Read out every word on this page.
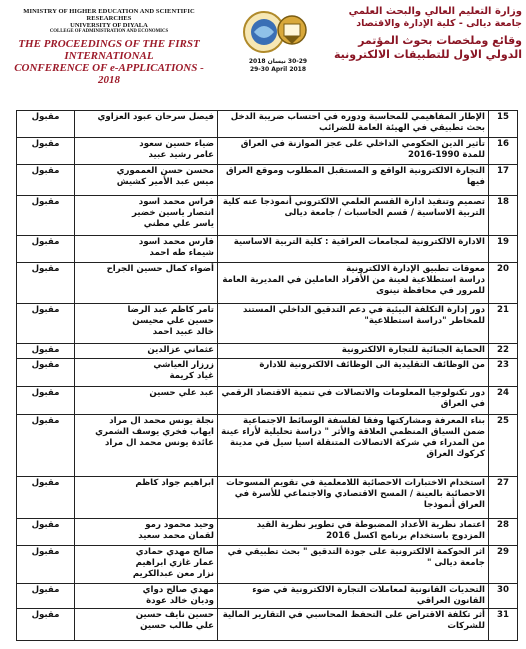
MINISTRY OF HIGHER EDUCATION AND SCIENTIFIC RESEARCHES
UNIVERSITY OF DIYALA
COLLEGE OF ADMINISTRATION AND ECONOMICS
THE PROCEEDINGS OF THE FIRST INTERNATIONAL
CONFERENCE OF e-APPLICATIONS - 2018
30-29 نيسان 2018
29-30 April 2018
وزارة التعليم العالي والبحث العلمي
جامعة ديالى - كلية الإدارة والاقتصاد
وقائع وملخصات بحوث المؤتمر
الدولي الاول للتطبيقات الالكترونية
15	الإطار المفاهيمي للمحاسبة ودوره في احتساب ضريبة الدخل بحث تطبيقي في الهيئة العامة للضرائب	فيصل سرحان عبود العزاوي	مقبول
16	تأثير الدين الحكومي الداخلي على عجز الموازنة في العراق للمدة 1990-2016	ضياء حسين سعود
عامر رشيد عبيد	مقبول
17	التجارة الالكترونية الواقع و المستقبل المطلوب وموقع العراق فيها	محسن حسن العمموري
ميس عبد الأمير كشيش	مقبول
18	تصميم وتنفيذ ادارة القسم العلمي الالكتروني أنموذجا عنه كلية التربية الاساسية / قسم الحاسبات / جامعة ديالى	فراس محمد اسود
انتصار ياسين خضير
ياسر علي مطني	مقبول
19	الادارة الالكترونية لمجامعات العراقية : كلية التربية الاساسية	فارس محمد اسود
شيماء طه احمد	مقبول
20	معوقات تطبيق الإدارة الالكترونية
دراسة استطلاعية لعينة من الأفراد العاملين في المديرية العامة للمرور في محافظة نينوى	أضواء كمال حسين الجراح	مقبول
21	دور إدارة التكلفة البيئية في دعم التدقيق الداخلي المستند للمخاطر "دراسة استطلاعية"	تامر كاظم عبد الرضا
حسين علي محيسن
خالد عبيد احمد	مقبول
22	الحماية الجنائية للتجارة الالكترونية	عثماني عزالدين	مقبول
23	من الوظائف التقليدية الى الوظائف الالكترونية للادارة	زرزار العياشي
غياد كريمة	مقبول
24	دور تكنولوجيا المعلومات والاتصالات في تنمية الاقتصاد الرقمي في العراق	عبد علي حسين	مقبول
25	بناء المعرفة ومشاركتها وفقا لفلسفة الوسائط الاجتماعية ضمن السياق المنظمي العلاقة والأثر " دراسة تحليلية لأراء عينة من المدراء في شركة الاتصالات المتنقلة اسيا سيل في مدينة كركوك العراق	نجلة يونس محمد ال مراد
ايهاب فخري يوسف الشمري
عائدة يونس محمد ال مراد	مقبول
27	استخدام الاختبارات الاحصائية اللامعلمية في تقويم المسوحات الاحصائية بالعينة / المسح الاقتصادي والاجتماعي للأسرة في العراق أنموذجا	ابراهيم جواد كاظم	مقبول
28	اعتماد نظرية الأعداد المضبوطة في تطوير نظرية القيد المزدوج باستخدام برنامج اكسل 2016	وحيد محمود رمو
لقمان محمد سعيد	مقبول
29	اثر الحوكمة الالكترونية على جودة التدقيق " بحث تطبيقي في جامعة ديالى "	صالح مهدي حمادي
عمار غازي ابراهيم
نزار معن عبدالكريم	مقبول
30	التحديات القانونية لمعاملات التجارة الالكترونية في ضوء القانون العراقي	مهدي صالح دواي
وديان خالد عودة	مقبول
31	أثر تكلفة الاقتراض على التحفظ المحاسبي في التقارير المالية للشركات	حسين نايف حسين
علي طالب حسين	مقبول
